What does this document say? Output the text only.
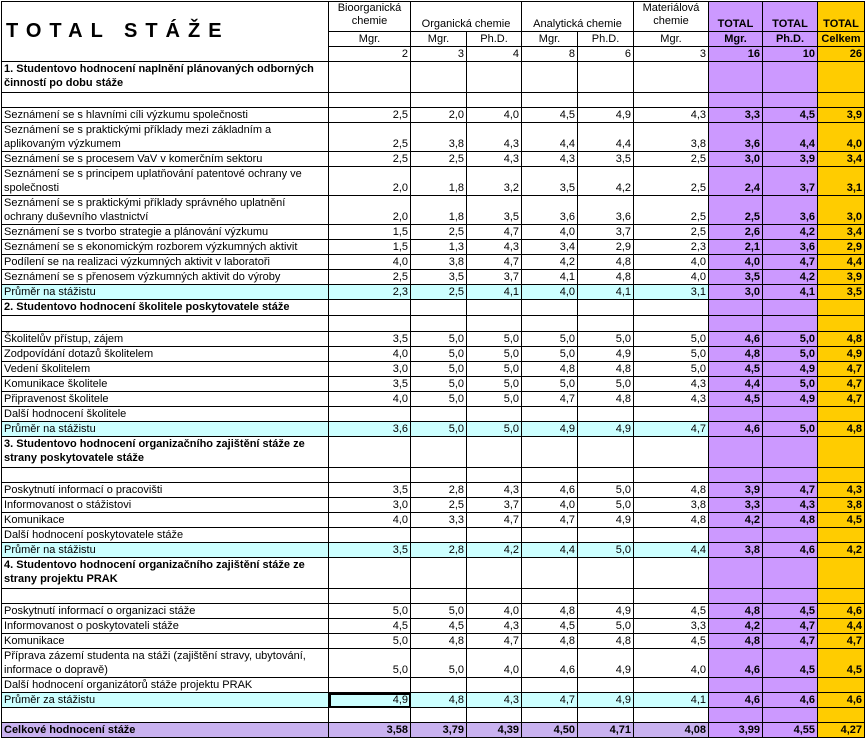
TOTAL STÁŽE	Bioorganická chemie	Organická chemie		Analytická chemie		Materiálová chemie	TOTAL	TOTAL	TOTAL
	Mgr.	Mgr.	Ph.D.	Mgr.	Ph.D.	Mgr.	Mgr.	Ph.D.	Celkem
	2	3	4	8	6	3	16	10	26
1. Studentovo hodnocení naplnění plánovaných odborných činností po dobu stáže									

Seznámení se s hlavními cíli výzkumu společnosti	2,5	2,0	4,0	4,5	4,9	4,3	3,3	4,5	3,9
Seznámení se s praktickými příklady mezi základním a aplikovaným výzkumem	2,5	3,8	4,3	4,4	4,4	3,8	3,6	4,4	4,0
Seznámení se s procesem VaV v komerčním sektoru	2,5	2,5	4,3	4,3	3,5	2,5	3,0	3,9	3,4
Seznámení se s principem uplatňování patentové ochrany ve společnosti	2,0	1,8	3,2	3,5	4,2	2,5	2,4	3,7	3,1
Seznámení se s praktickými příklady správného uplatnění ochrany duševního vlastnictví	2,0	1,8	3,5	3,6	3,6	2,5	2,5	3,6	3,0
Seznámení se s tvorbo strategie a plánování výzkumu	1,5	2,5	4,7	4,0	3,7	2,5	2,6	4,2	3,4
Seznámení se s ekonomickým rozborem výzkumných aktivit	1,5	1,3	4,3	3,4	2,9	2,3	2,1	3,6	2,9
Podílení se na realizaci výzkumných aktivit v laboratoři	4,0	3,8	4,7	4,2	4,8	4,0	4,0	4,7	4,4
Seznámení se s přenosem výzkumných aktivit do výroby	2,5	3,5	3,7	4,1	4,8	4,0	3,5	4,2	3,9
Průměr na stážistu	2,3	2,5	4,1	4,0	4,1	3,1	3,0	4,1	3,5
2. Studentovo hodnocení školitele poskytovatele stáže									

Školitelův přístup, zájem	3,5	5,0	5,0	5,0	5,0	5,0	4,6	5,0	4,8
Zodpovídání dotazů školitelem	4,0	5,0	5,0	5,0	4,9	5,0	4,8	5,0	4,9
Vedení školitelem	3,0	5,0	5,0	4,8	4,8	5,0	4,5	4,9	4,7
Komunikace školitele	3,5	5,0	5,0	5,0	5,0	4,3	4,4	5,0	4,7
Připravenost školitele	4,0	5,0	5,0	4,7	4,8	4,3	4,5	4,9	4,7
Další hodnocení školitele									
Průměr na stážistu	3,6	5,0	5,0	4,9	4,9	4,7	4,6	5,0	4,8
3. Studentovo hodnocení organizačního zajištění stáže ze strany poskytovatele stáže									

Poskytnutí informací o pracovišti	3,5	2,8	4,3	4,6	5,0	4,8	3,9	4,7	4,3
Informovanost o stážistovi	3,0	2,5	3,7	4,0	5,0	3,8	3,3	4,3	3,8
Komunikace	4,0	3,3	4,7	4,7	4,9	4,8	4,2	4,8	4,5
Další hodnocení poskytovatele stáže									
Průměr na stážistu	3,5	2,8	4,2	4,4	5,0	4,4	3,8	4,6	4,2
4. Studentovo hodnocení organizačního zajištění stáže ze strany projektu PRAK									

Poskytnutí informací o organizaci stáže	5,0	5,0	4,0	4,8	4,9	4,5	4,8	4,5	4,6
Informovanost o poskytovateli stáže	4,5	4,5	4,3	4,5	5,0	3,3	4,2	4,7	4,4
Komunikace	5,0	4,8	4,7	4,8	4,8	4,5	4,8	4,7	4,7
Příprava zázemí studenta na stáži (zajištění stravy, ubytování, informace o dopravě)	5,0	5,0	4,0	4,6	4,9	4,0	4,6	4,5	4,5
Další hodnocení organizátorů stáže projektu PRAK									
Průměr za stážistu	4,9	4,8	4,3	4,7	4,9	4,1	4,6	4,6	4,6

Celkové hodnocení stáže	3,58	3,79	4,39	4,50	4,71	4,08	3,99	4,55	4,27
